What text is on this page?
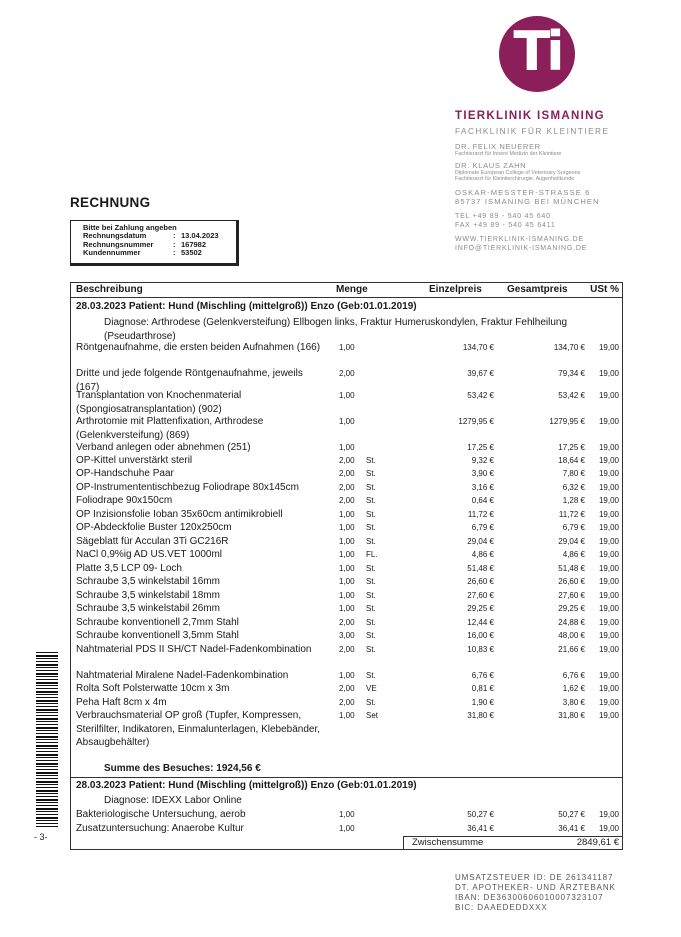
Ti
TIERKLINIK ISMANING
FACHKLINIK FÜR KLEINTIERE
DR. FELIX NEUERER
Fachtierarzt für Innere Medizin der Kleintiere
DR. KLAUS ZAHN
Diplomate European College of Veterinary Surgeons
Fachtierarzt für Kleintierchirurgie, Augenheilkunde
OSKAR-MESSTER-STRASSE 6
85737 ISMANING BEI MÜNCHEN
TEL +49 89 - 540 45 640
FAX +49 89 - 540 45 6411
WWW.TIERKLINIK-ISMANING.DE
INFO@TIERKLINIK-ISMANING.DE
RECHNUNG
Bitte bei Zahlung angeben
Rechnungsdatum	: 13.04.2023
Rechnungsnummer	: 167982
Kundennummer	: 53502
Beschreibung	Menge	Einzelpreis	Gesamtpreis USt %
28.03.2023 Patient: Hund (Mischling (mittelgroß)) Enzo (Geb:01.01.2019)
Diagnose: Arthrodese (Gelenkversteifung) Ellbogen links, Fraktur Humeruskondylen, Fraktur Fehlheilung (Pseudarthrose)
Röntgenaufnahme, die ersten beiden Aufnahmen (166)	1,00	134,70 €	134,70 € 19,00
Dritte und jede folgende Röntgenaufnahme, jeweils (167)
2,00	39,67 €	79,34 € 19,00
Transplantation von Knochenmaterial (Spongiosatransplantation) (902)
1,00	53,42 €	53,42 € 19,00
Arthrotomie mit Plattenfixation, Arthrodese (Gelenkversteifung) (869)
1,00	1279,95 €	1279,95 € 19,00
Verband anlegen oder abnehmen (251)	1,00	17,25 €	17,25 € 19,00
OP-Kittel unverstärkt steril	2,00 St.	9,32 €	18,64 € 19,00
OP-Handschuhe Paar	2,00 St.	3,90 €	7,80 € 19,00
OP-Instrumententischbezug Foliodrape 80x145cm	2,00 St.	3,16 €	6,32 € 19,00
Foliodrape 90x150cm	2,00 St.	0,64 €	1,28 € 19,00
OP Inzisionsfolie Ioban 35x60cm antimikrobiell	1,00 St.	11,72 €	11,72 € 19,00
OP-Abdeckfolie Buster 120x250cm	1,00 St.	6,79 €	6,79 € 19,00
Sägeblatt für Acculan 3Ti GC216R	1,00 St.	29,04 €	29,04 € 19,00
NaCl 0,9%ig AD US.VET 1000ml	1,00 FL.	4,86 €	4,86 € 19,00
Platte 3,5 LCP 09- Loch	1,00 St.	51,48 €	51,48 € 19,00
Schraube 3,5 winkelstabil 16mm	1,00 St.	26,60 €	26,60 € 19,00
Schraube 3,5 winkelstabil 18mm	1,00 St.	27,60 €	27,60 € 19,00
Schraube 3,5 winkelstabil 26mm	1,00 St.	29,25 €	29,25 € 19,00
Schraube konventionell 2,7mm Stahl	2,00 St.	12,44 €	24,88 € 19,00
Schraube konventionell 3,5mm Stahl	3,00 St.	16,00 €	48,00 € 19,00
Nahtmaterial PDS II SH/CT Nadel-Fadenkombination	2,00 St.	10,83 €	21,66 € 19,00
Nahtmaterial Miralene Nadel-Fadenkombination	1,00 St.	6,76 €	6,76 € 19,00
Rolta Soft Polsterwatte 10cm x 3m	2,00 VE	0,81 €	1,62 € 19,00
Peha Haft 8cm x 4m	2,00 St.	1,90 €	3,80 € 19,00
Verbrauchsmaterial OP groß (Tupfer, Kompressen, Sterilfilter, Indikatoren, Einmalunterlagen, Klebebänder, Absaugbehälter)
1,00 Set	31,80 €	31,80 € 19,00
Summe des Besuches: 1924,56 €
28.03.2023 Patient: Hund (Mischling (mittelgroß)) Enzo (Geb:01.01.2019)
Diagnose: IDEXX Labor Online
Bakteriologische Untersuchung, aerob	1,00	50,27 €	50,27 € 19,00
Zusatzuntersuchung: Anaerobe Kultur	1,00	36,41 €	36,41 € 19,00
Zwischensumme	2849,61 €
- 3-
UMSATZSTEUER ID: DE 261341187
DT. APOTHEKER- UND ÄRZTEBANK
IBAN: DE36300606010007323107
BIC: DAAEDEDDXXX
